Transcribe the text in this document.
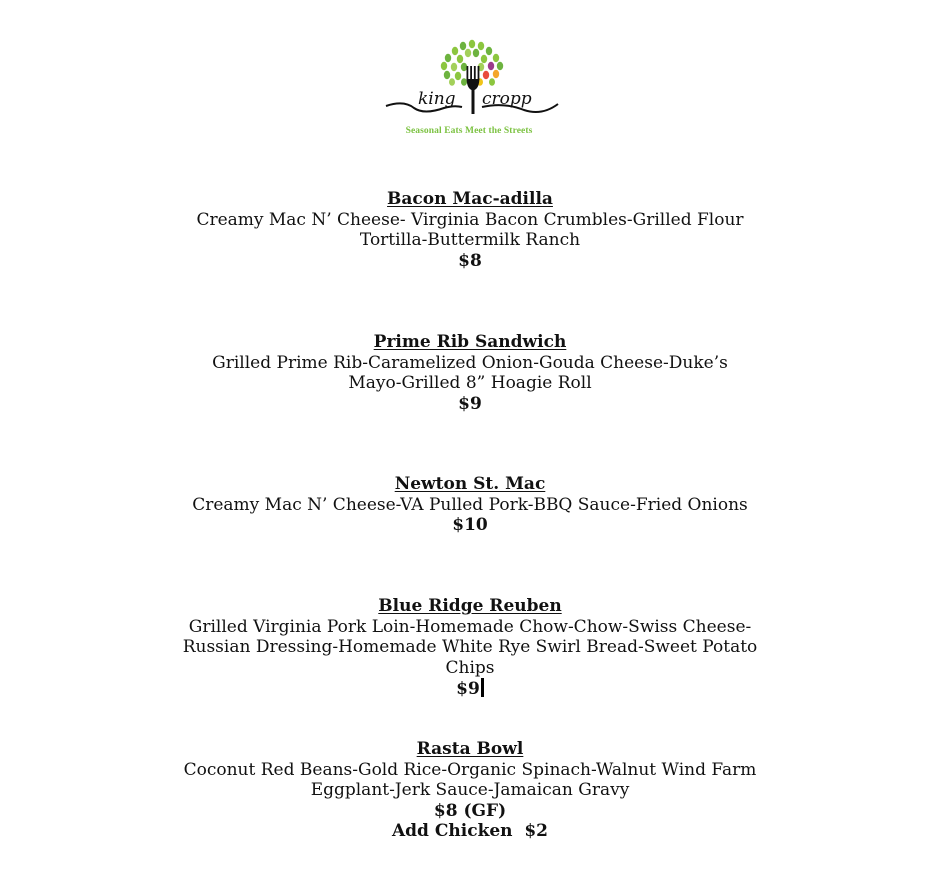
king cropp
Seasonal Eats Meet the Streets
Bacon Mac-adilla
Creamy Mac N’ Cheese- Virginia Bacon Crumbles-Grilled Flour
Tortilla-Buttermilk Ranch
$8
Prime Rib Sandwich
Grilled Prime Rib-Caramelized Onion-Gouda Cheese-Duke’s
Mayo-Grilled 8” Hoagie Roll
$9
Newton St. Mac
Creamy Mac N’ Cheese-VA Pulled Pork-BBQ Sauce-Fried Onions
$10
Blue Ridge Reuben
Grilled Virginia Pork Loin-Homemade Chow-Chow-Swiss Cheese-
Russian Dressing-Homemade White Rye Swirl Bread-Sweet Potato
Chips
$9
Rasta Bowl
Coconut Red Beans-Gold Rice-Organic Spinach-Walnut Wind Farm
Eggplant-Jerk Sauce-Jamaican Gravy
$8 (GF)
Add Chicken  $2
